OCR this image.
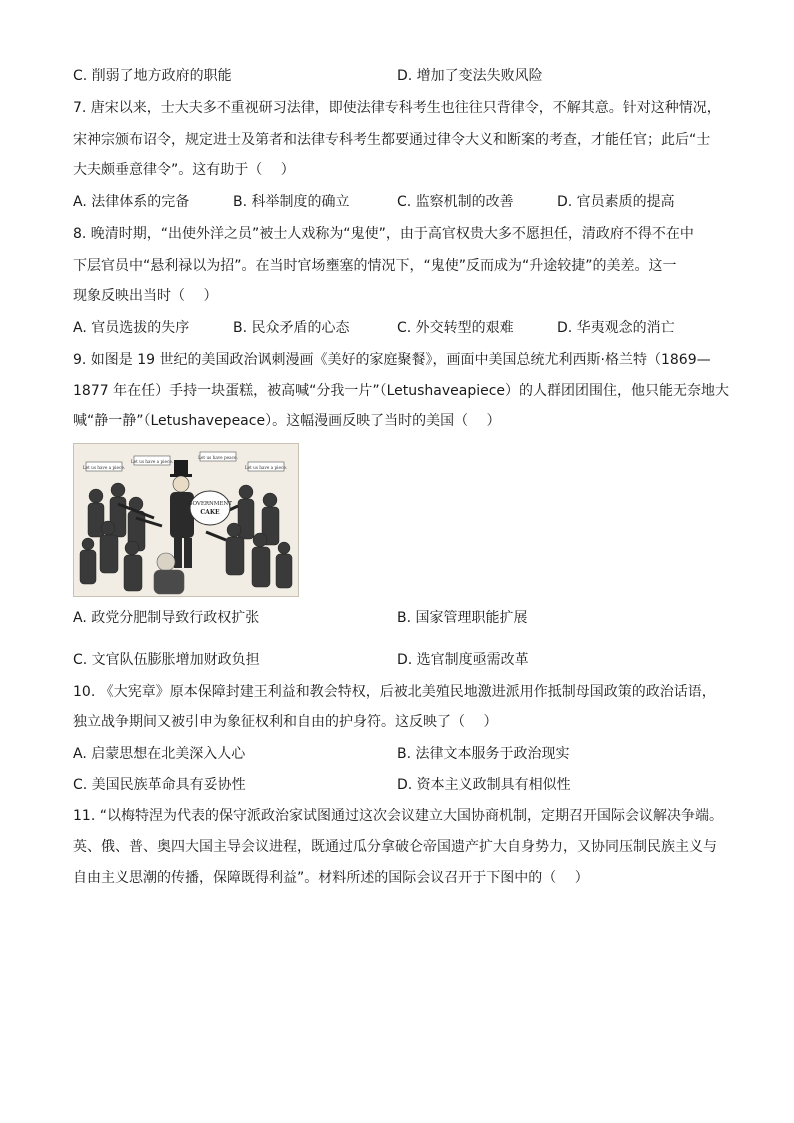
C. 削弱了地方政府的职能	D. 增加了变法失败风险
7. 唐宋以来，士大夫多不重视研习法律，即使法律专科考生也往往只背律令，不解其意。针对这种情况，
宋神宗颁布诏令，规定进士及第者和法律专科考生都要通过律令大义和断案的考查，才能任官；此后“士
大夫颇垂意律令”。这有助于（　 ）
A. 法律体系的完备	B. 科举制度的确立	C. 监察机制的改善	D. 官员素质的提高
8. 晚清时期，“出使外洋之员”被士人戏称为“鬼使”，由于高官权贵大多不愿担任，清政府不得不在中
下层官员中“悬利禄以为招”。在当时官场壅塞的情况下，“鬼使”反而成为“升途较捷”的美差。这一
现象反映出当时（　 ）
A. 官员选拔的失序	B. 民众矛盾的心态	C. 外交转型的艰难	D. 华夷观念的消亡
9. 如图是 19 世纪的美国政治讽刺漫画《美好的家庭聚餐》，画面中美国总统尤利西斯·格兰特（1869—
1877 年在任）手持一块蛋糕，被高喊“分我一片”（Letushaveapiece）的人群团团围住，他只能无奈地大
喊“静一静”（Letushavepeace）。这幅漫画反映了当时的美国（　 ）
Let us have a piece.
Let us have a piece.
Let us have peace.
Let us have a piece.
GOVERNMENT
CAKE
A. 政党分肥制导致行政权扩张	B. 国家管理职能扩展
C. 文官队伍膨胀增加财政负担	D. 选官制度亟需改革
10. 《大宪章》原本保障封建王利益和教会特权，后被北美殖民地激进派用作抵制母国政策的政治话语，
独立战争期间又被引申为象征权利和自由的护身符。这反映了（　 ）
A. 启蒙思想在北美深入人心	B. 法律文本服务于政治现实
C. 美国民族革命具有妥协性	D. 资本主义政制具有相似性
11. “以梅特涅为代表的保守派政治家试图通过这次会议建立大国协商机制，定期召开国际会议解决争端。
英、俄、普、奥四大国主导会议进程，既通过瓜分拿破仑帝国遗产扩大自身势力，又协同压制民族主义与
自由主义思潮的传播，保障既得利益”。材料所述的国际会议召开于下图中的（　 ）
